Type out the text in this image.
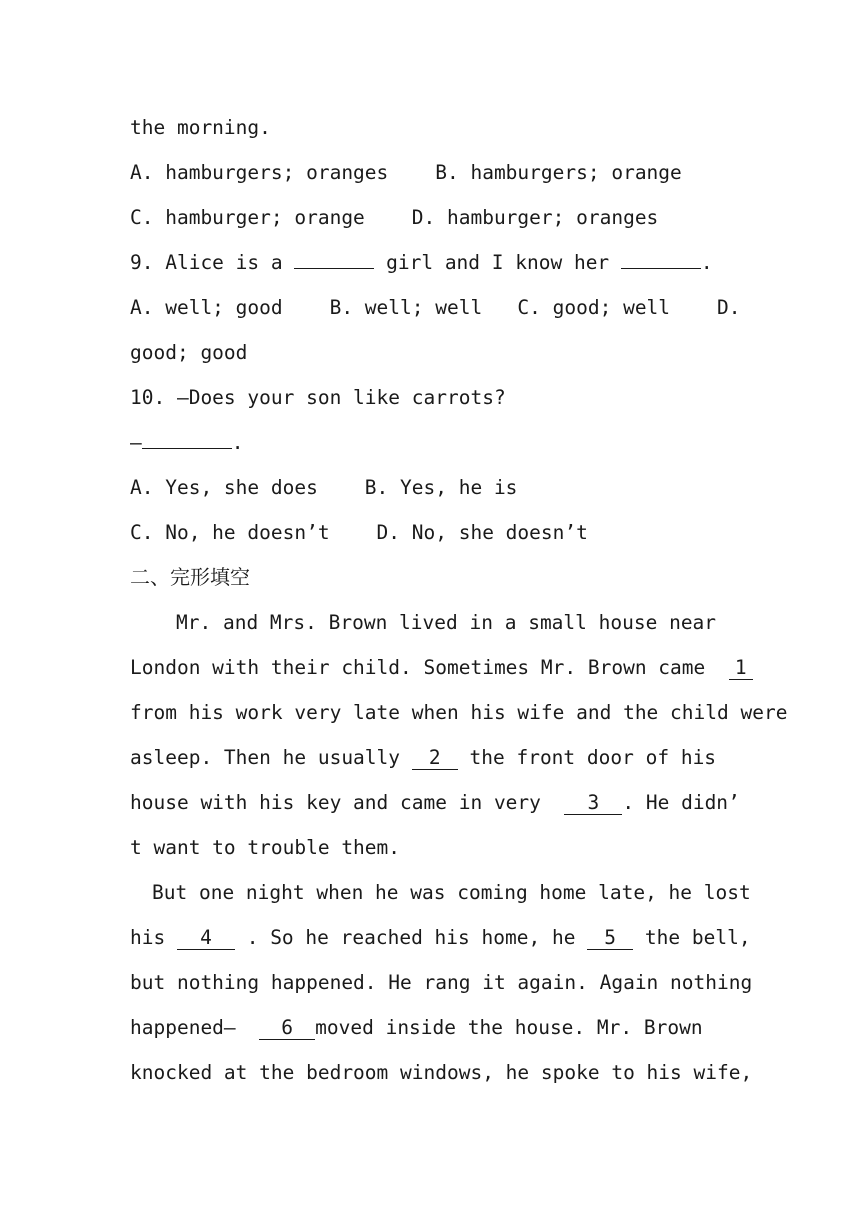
the morning.
A. hamburgers; oranges    B. hamburgers; orange
C. hamburger; orange    D. hamburger; oranges
9. Alice is a	girl and I know her	.
A. well; good    B. well; well   C. good; well    D.
good; good
10. —Does your son like carrots?
—	.
A. Yes, she does    B. Yes, he is
C. No, he doesn’t    D. No, she doesn’t
二、完形填空
Mr. and Mrs. Brown lived in a small house near
London with their child. Sometimes Mr. Brown came  1
from his work very late when his wife and the child were
asleep. Then he usually 2 the front door of his
house with his key and came in very  3 . He didn’
t want to trouble them.
But one night when he was coming home late, he lost
his 4 . So he reached his home, he 5 the bell,
but nothing happened. He rang it again. Again nothing
happened—  6 moved inside the house. Mr. Brown
knocked at the bedroom windows, he spoke to his wife,
